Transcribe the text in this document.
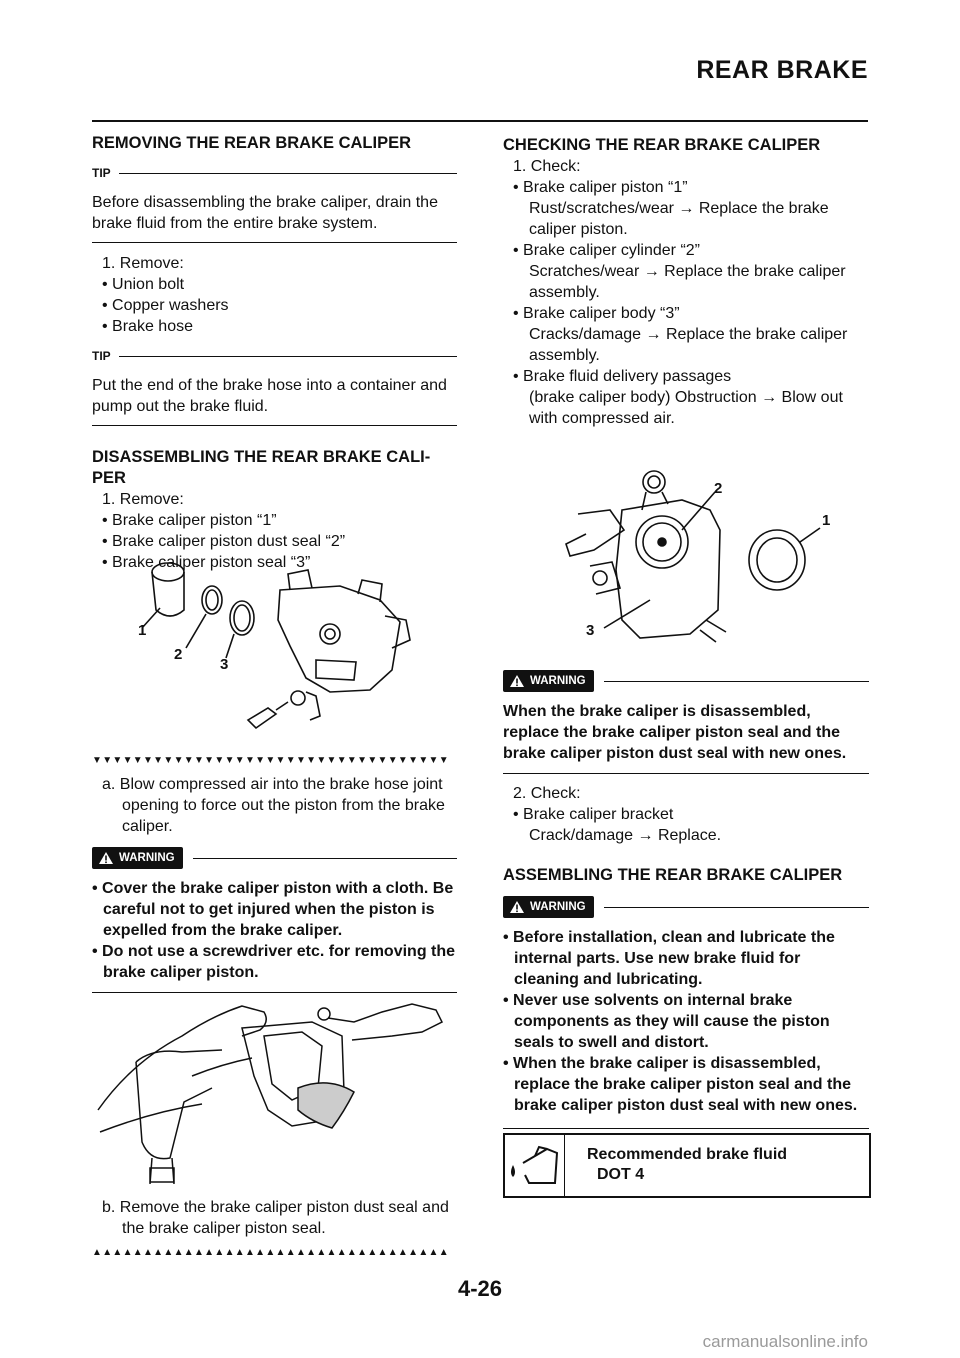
REAR BRAKE

REMOVING THE REAR BRAKE CALIPER

TIP

Before disassembling the brake caliper, drain the brake fluid from the entire brake system.

1. Remove:

• Union bolt

• Copper washers

• Brake hose

TIP

Put the end of the brake hose into a container and pump out the brake fluid.

DISASSEMBLING THE REAR BRAKE CALI-PER

1. Remove:

• Brake caliper piston “1”

• Brake caliper piston dust seal “2”

• Brake caliper piston seal “3”

1
2
3
▼▼▼▼▼▼▼▼▼▼▼▼▼▼▼▼▼▼▼▼▼▼▼▼▼▼▼▼▼▼▼▼▼▼▼

a. Blow compressed air into the brake hose joint opening to force out the piston from the brake caliper.

WARNING

• Cover the brake caliper piston with a cloth. Be careful not to get injured when the piston is expelled from the brake caliper.

• Do not use a screwdriver etc. for removing the brake caliper piston.

b. Remove the brake caliper piston dust seal and the brake caliper piston seal.

▲▲▲▲▲▲▲▲▲▲▲▲▲▲▲▲▲▲▲▲▲▲▲▲▲▲▲▲▲▲▲▲▲▲▲

CHECKING THE REAR BRAKE CALIPER

1. Check:

• Brake caliper piston “1”

Rust/scratches/wear → Replace the brake caliper piston.

• Brake caliper cylinder “2”

Scratches/wear → Replace the brake caliper assembly.

• Brake caliper body “3”

Cracks/damage → Replace the brake caliper assembly.

• Brake fluid delivery passages

(brake caliper body) Obstruction → Blow out with compressed air.

2
1
3
WARNING

When the brake caliper is disassembled, replace the brake caliper piston seal and the brake caliper piston dust seal with new ones.

2. Check:

• Brake caliper bracket

Crack/damage → Replace.

ASSEMBLING THE REAR BRAKE CALIPER

WARNING

• Before installation, clean and lubricate the internal parts. Use new brake fluid for cleaning and lubricating.

• Never use solvents on internal brake components as they will cause the piston seals to swell and distort.

• When the brake caliper is disassembled, replace the brake caliper piston seal and the brake caliper piston dust seal with new ones.

Recommended brake fluid
DOT 4
4-26
carmanualsonline.info
